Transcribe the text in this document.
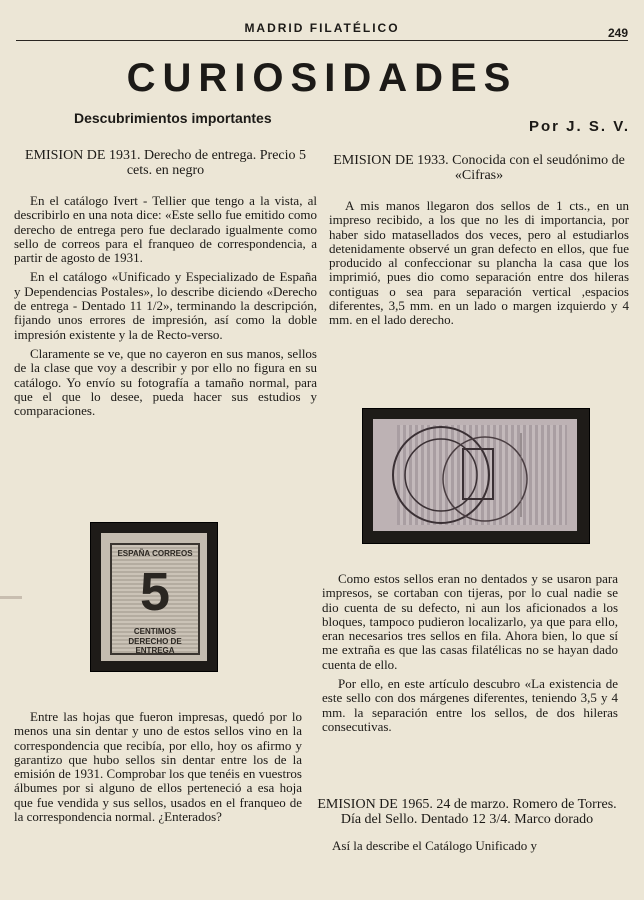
MADRID FILATÉLICO	249
CURIOSIDADES
Descubrimientos importantes	Por J. S. V.
EMISION DE 1931. Derecho de entrega. Precio 5 cets. en negro

En el catálogo Ivert - Tellier que tengo a la vista, al describirlo en una nota dice: «Este sello fue emitido como derecho de entrega pero fue declarado igualmente como sello de correos para el franqueo de correspondencia, a partir de agosto de 1931.

En el catálogo «Unificado y Especializado de España y Dependencias Postales», lo describe diciendo «Derecho de entrega - Dentado 11 1/2», terminando la descripción, fijando unos errores de impresión, así como la doble impresión existente y la de Recto-verso.

Claramente se ve, que no cayeron en sus manos, sellos de la clase que voy a describir y por ello no figura en su catálogo. Yo envío su fotografía a tamaño normal, para que el que lo desee, pueda hacer sus estudios y comparaciones.

ESPAÑA CORREOS
5
CENTIMOS
DERECHO DE ENTREGA

Entre las hojas que fueron impresas, quedó por lo menos una sin dentar y uno de estos sellos vino en la correspondencia que recibía, por ello, hoy os afirmo y garantizo que hubo sellos sin dentar entre los de la emisión de 1931. Comprobar los que tenéis en vuestros álbumes por si alguno de ellos perteneció a esa hoja que fue vendida y sus sellos, usados en el franqueo de la correspondencia normal. ¿Enterados?

EMISION DE 1933. Conocida con el seudónimo de «Cifras»

A mis manos llegaron dos sellos de 1 cts., en un impreso recibido, a los que no les di importancia, por haber sido matasellados dos veces, pero al estudiarlos detenidamente observé un gran defecto en ellos, que fue producido al confeccionar su plancha la casa que los imprimió, pues dio como separación entre dos hileras contiguas o sea para separación vertical ,espacios diferentes, 3,5 mm. en un lado o margen izquierdo y 4 mm. en el lado derecho.

Como estos sellos eran no dentados y se usaron para impresos, se cortaban con tijeras, por lo cual nadie se dio cuenta de su defecto, ni aun los aficionados a los bloques, tampoco pudieron localizarlo, ya que para ello, eran necesarios tres sellos en fila. Ahora bien, lo que sí me extraña es que las casas filatélicas no se hayan dado cuenta de ello.

Por ello, en este artículo descubro «La existencia de este sello con dos márgenes diferentes, teniendo 3,5 y 4 mm. la separación entre los sellos, de dos hileras consecutivas.

EMISION DE 1965. 24 de marzo. Romero de Torres. Día del Sello. Dentado 12 3/4. Marco dorado

Así la describe el Catálogo Unificado y
